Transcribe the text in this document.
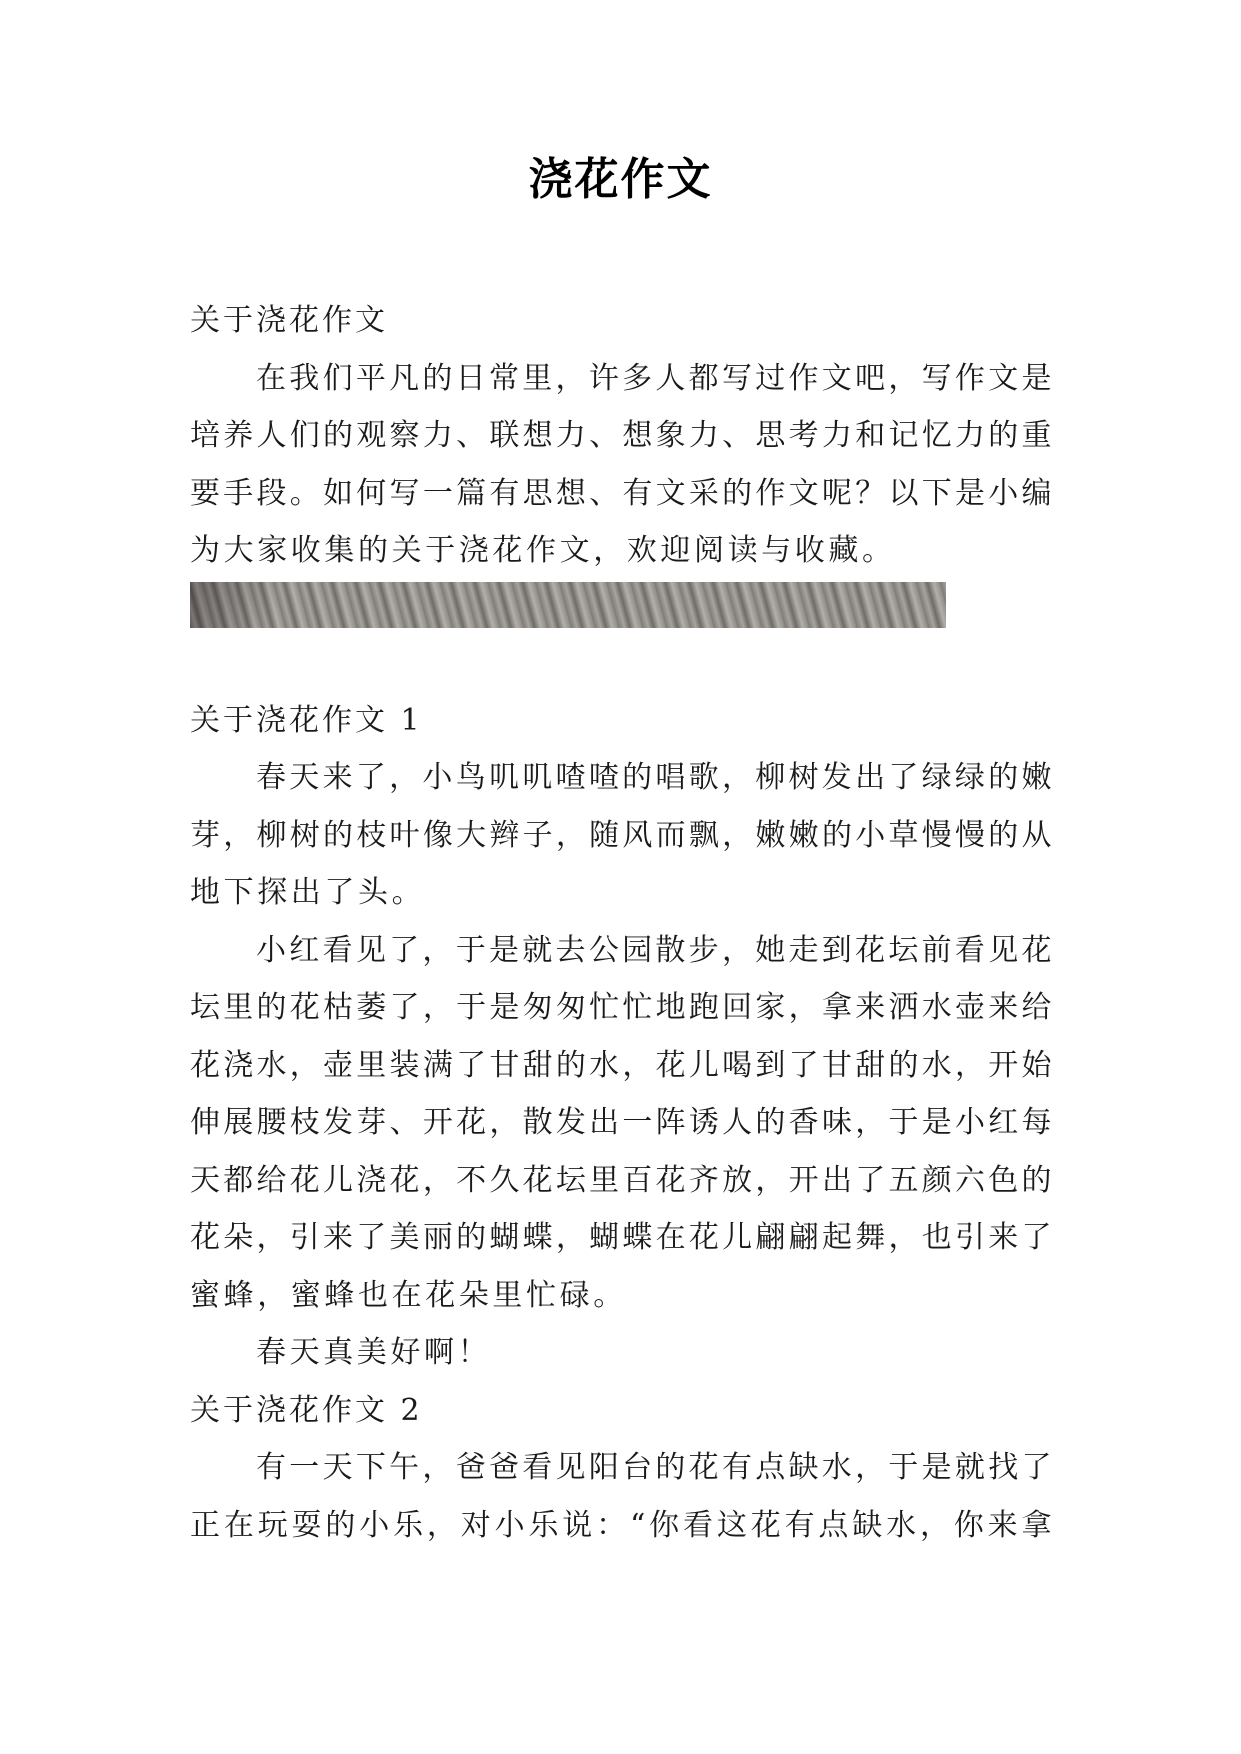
浇花作文
关于浇花作文
在我们平凡的日常里，许多人都写过作文吧，写作文是
培养人们的观察力、联想力、想象力、思考力和记忆力的重
要手段。如何写一篇有思想、有文采的作文呢？以下是小编
为大家收集的关于浇花作文，欢迎阅读与收藏。
关于浇花作文 1
春天来了，小鸟叽叽喳喳的唱歌，柳树发出了绿绿的嫩
芽，柳树的枝叶像大辫子，随风而飘，嫩嫩的小草慢慢的从
地下探出了头。
小红看见了，于是就去公园散步，她走到花坛前看见花
坛里的花枯萎了，于是匆匆忙忙地跑回家，拿来洒水壶来给
花浇水，壶里装满了甘甜的水，花儿喝到了甘甜的水，开始
伸展腰枝发芽、开花，散发出一阵诱人的香味，于是小红每
天都给花儿浇花，不久花坛里百花齐放，开出了五颜六色的
花朵，引来了美丽的蝴蝶，蝴蝶在花儿翩翩起舞，也引来了
蜜蜂，蜜蜂也在花朵里忙碌。
春天真美好啊！
关于浇花作文 2
有一天下午，爸爸看见阳台的花有点缺水，于是就找了
正在玩耍的小乐，对小乐说：“你看这花有点缺水，你来拿
